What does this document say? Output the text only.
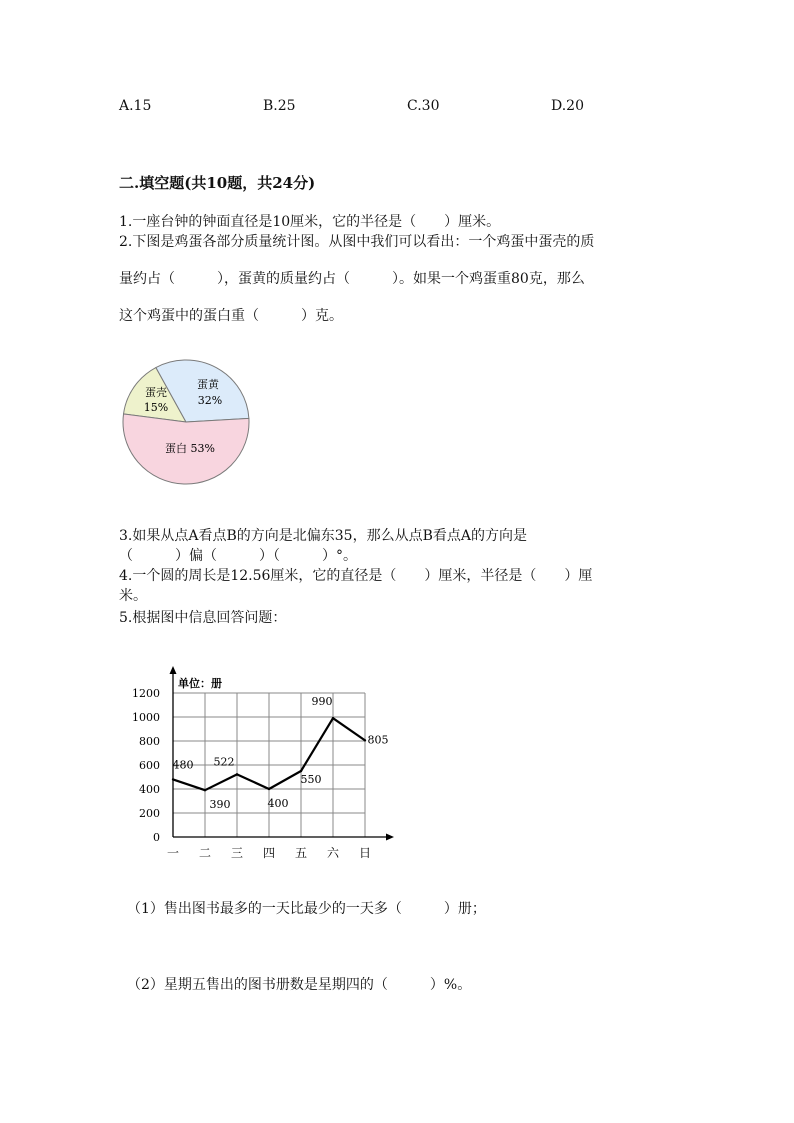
A.15	B.25	C.30	D.20
二.填空题(共10题，共24分)
1.一座台钟的钟面直径是10厘米，它的半径是（　　）厘米。
2.下图是鸡蛋各部分质量统计图。从图中我们可以看出：一个鸡蛋中蛋壳的质
量约占（　　　），蛋黄的质量约占（　　　）。如果一个鸡蛋重80克，那么
这个鸡蛋中的蛋白重（　　　）克。
蛋壳
15%
蛋黄
32%
蛋白 53%
3.如果从点A看点B的方向是北偏东35，那么从点B看点A的方向是
（　　　）偏（　　　）（　　　）°。
4.一个圆的周长是12.56厘米，它的直径是（　　）厘米，半径是（　　）厘
米。
5.根据图中信息回答问题：
单位：册
0
200
400
600
800
1000
1200
一 二 三 四 五 六 日
480
390
522
400
550
990
805
（1）售出图书最多的一天比最少的一天多（　　　）册；
（2）星期五售出的图书册数是星期四的（　　　）%。
